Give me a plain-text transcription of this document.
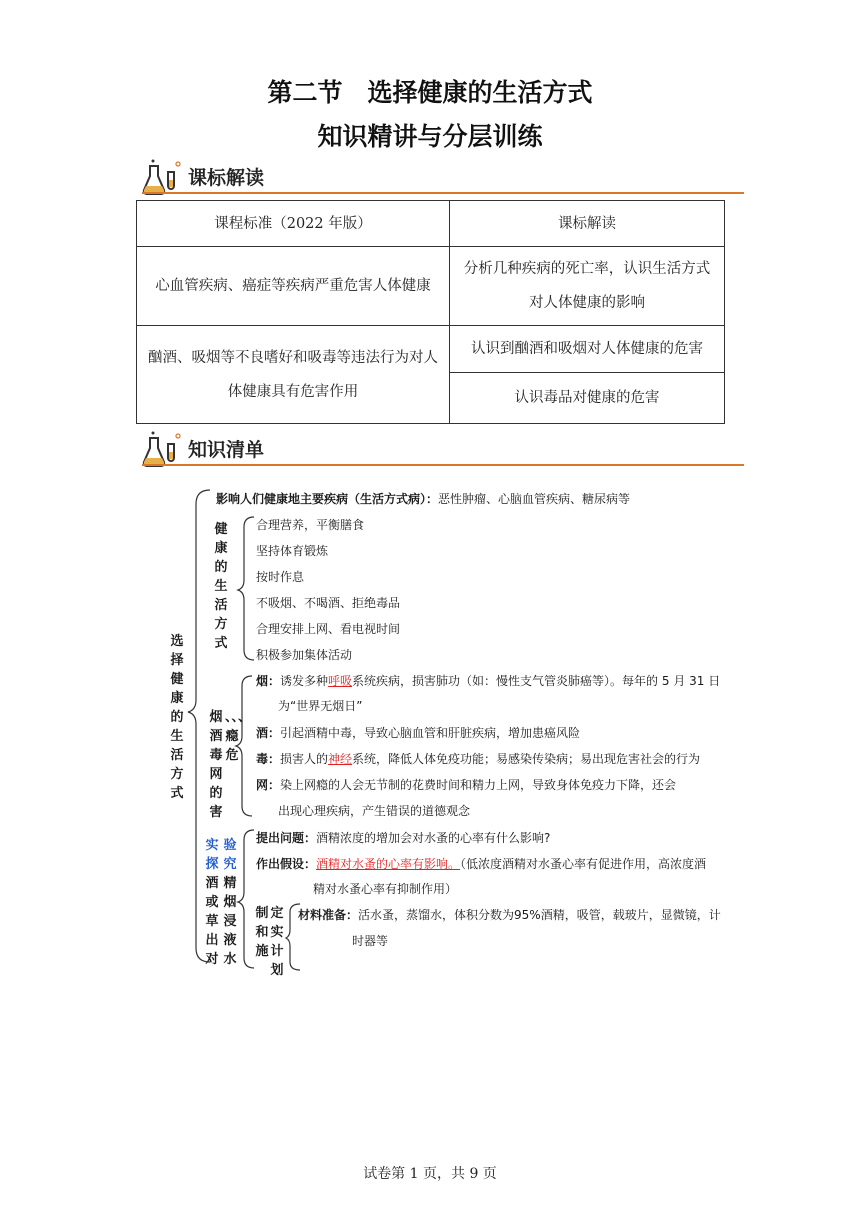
第二节　选择健康的生活方式
知识精讲与分层训练
课标解读
课程标准（2022 年版）	课标解读
心血管疾病、癌症等疾病严重危害人体健康	分析几种疾病的死亡率，认识生活方式
对人体健康的影响

酗酒、吸烟等不良嗜好和吸毒等违法行为对人
体健康具有危害作用	认识到酗酒和吸烟对人体健康的危害
	认识毒品对健康的危害
知识清单
选择健康的生活方式
影响人们健康地主要疾病（生活方式病）：恶性肿瘤、心脑血管疾病、糖尿病等
健康的生活方式
合理营养，平衡膳食
坚持体育锻炼
按时作息
不吸烟、不喝酒、拒绝毒品
合理安排上网、看电视时间
积极参加集体活动
烟酒毒网的害
、、、瘾危
烟：诱发多种呼吸系统疾病，损害肺功（如：慢性支气管炎肺癌等）。每年的 5 月 31 日
为“世界无烟日”
酒：引起酒精中毒，导致心脑血管和肝脏疾病，增加患癌风险
毒：损害人的神经系统，降低人体免疫功能；易感染传染病；易出现危害社会的行为
网：染上网瘾的人会无节制的花费时间和精力上网，导致身体免疫力下降，还会
出现心理疾病，产生错误的道德观念
实探酒或草出对
验究精烟浸液水
提出问题：酒精浓度的增加会对水蚤的心率有什么影响?
作出假设：酒精对水蚤的心率有影响。（低浓度酒精对水蚤心率有促进作用，高浓度酒
精对水蚤心率有抑制作用）
制和施
定实计划
材料准备：活水蚤，蒸馏水，体积分数为95%酒精，吸管，载玻片，显微镜，计
时器等
试卷第 1 页，共 9 页
